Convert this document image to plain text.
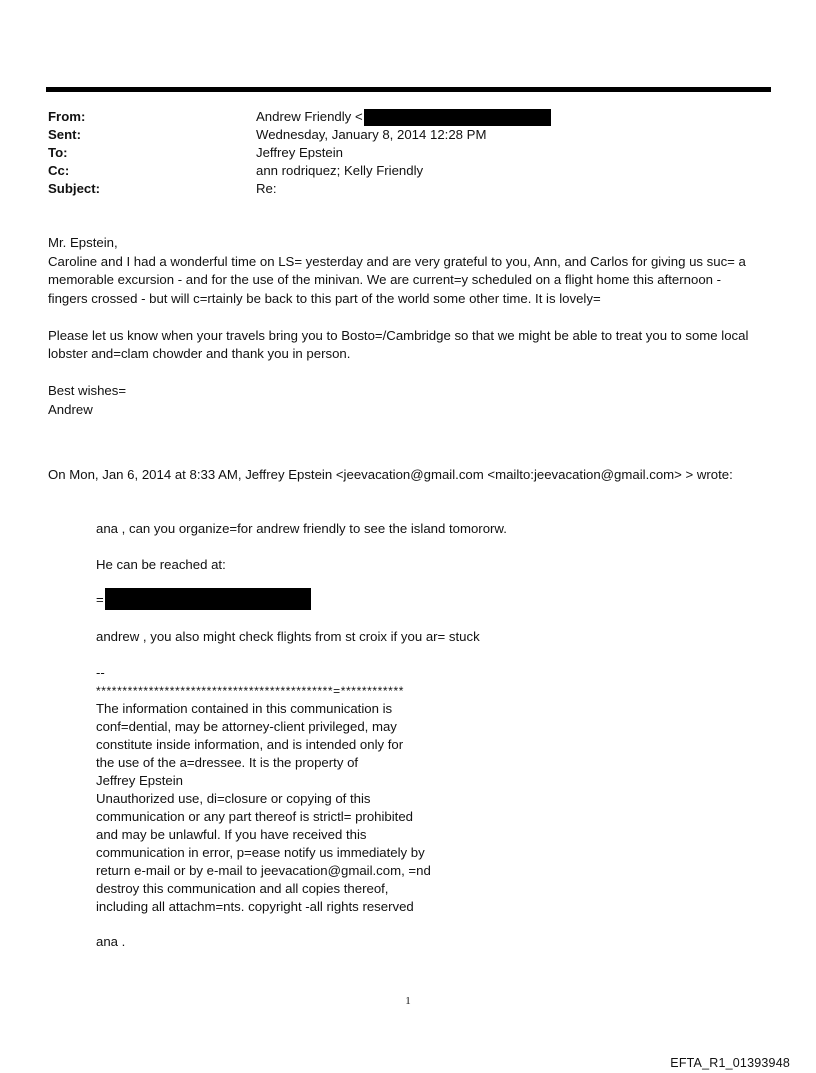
From:	Andrew Friendly <
Sent:	Wednesday, January 8, 2014 12:28 PM
To:	Jeffrey Epstein
Cc:	ann rodriquez; Kelly Friendly
Subject:	Re:

Mr. Epstein,

Caroline and I had a wonderful time on LS= yesterday and are very grateful to you, Ann, and Carlos for giving us suc= a

memorable excursion - and for the use of the minivan. We are current=y scheduled on a flight home this afternoon -

fingers crossed - but will c=rtainly be back to this part of the world some other time. It is lovely=

Please let us know when your travels bring you to Bosto=/Cambridge so that we might be able to treat you to some local

lobster and=clam chowder and thank you in person.

Best wishes=

Andrew

On Mon, Jan 6, 2014 at 8:33 AM, Jeffrey Epstein <jeevacation@gmail.com <mailto:jeevacation@gmail.com> > wrote:
ana , can you organize=for andrew friendly to see the island tomororw.
He can be reached at:
=
andrew , you also might check flights from st croix if you ar= stuck

--

*********************************************=************

The information contained in this communication is

conf=dential, may be attorney-client privileged, may

constitute inside information, and is intended only for

the use of the a=dressee. It is the property of

Jeffrey Epstein

Unauthorized use, di=closure or copying of this

communication or any part thereof is strictl= prohibited

and may be unlawful. If you have received this

communication in error, p=ease notify us immediately by

return e-mail or by e-mail to jeevacation@gmail.com, =nd

destroy this communication and all copies thereof,

including all attachm=nts. copyright -all rights reserved

ana .
1
EFTA_R1_01393948
